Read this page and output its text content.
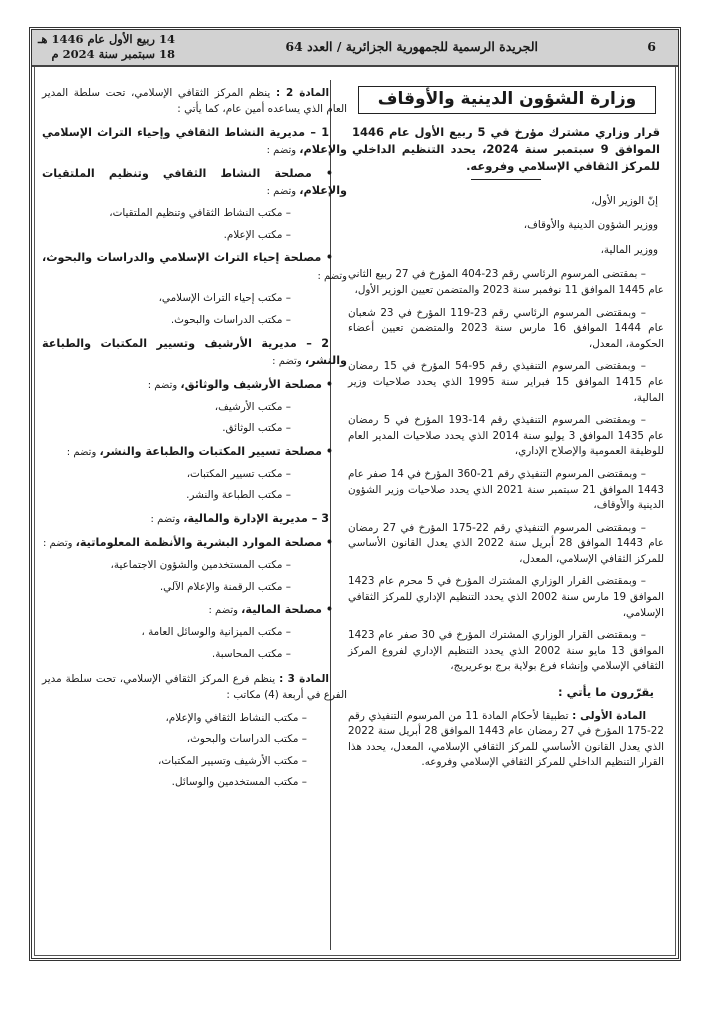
6
الجريدة الرسمية للجمهورية الجزائرية / العدد 64
14 ربيع الأول عام 1446 هـ
18 سبتمبر سنة 2024 م
وزارة الشؤون الدينية والأوقاف
قرار وزاري مشترك مؤرخ في 5 ربيع الأول عام 1446 الموافق 9 سبتمبر سنة 2024، يحدد التنظيم الداخلي للمركز الثقافي الإسلامي وفروعه.

إنّ الوزير الأول،

ووزير الشؤون الدينية والأوقاف،

ووزير المالية،

– بمقتضى المرسوم الرئاسي رقم 23-404 المؤرخ في 27 ربيع الثاني عام 1445 الموافق 11 نوفمبر سنة 2023 والمتضمن تعيين الوزير الأول،

– وبمقتضى المرسوم الرئاسي رقم 23-119 المؤرخ في 23 شعبان عام 1444 الموافق 16 مارس سنة 2023 والمتضمن تعيين أعضاء الحكومة، المعدل،

– وبمقتضى المرسوم التنفيذي رقم 95-54 المؤرخ في 15 رمضان عام 1415 الموافق 15 فبراير سنة 1995 الذي يحدد صلاحيات وزير المالية،

– وبمقتضى المرسوم التنفيذي رقم 14-193 المؤرخ في 5 رمضان عام 1435 الموافق 3 يوليو سنة 2014 الذي يحدد صلاحيات المدير العام للوظيفة العمومية والإصلاح الإداري،

– وبمقتضى المرسوم التنفيذي رقم 21-360 المؤرخ في 14 صفر عام 1443 الموافق 21 سبتمبر سنة 2021 الذي يحدد صلاحيات وزير الشؤون الدينية والأوقاف،

– وبمقتضى المرسوم التنفيذي رقم 22-175 المؤرخ في 27 رمضان عام 1443 الموافق 28 أبريل سنة 2022 الذي يعدل القانون الأساسي للمركز الثقافي الإسلامي، المعدل،

– وبمقتضى القرار الوزاري المشترك المؤرخ في 5 محرم عام 1423 الموافق 19 مارس سنة 2002 الذي يحدد التنظيم الإداري للمركز الثقافي الإسلامي،

– وبمقتضى القرار الوزاري المشترك المؤرخ في 30 صفر عام 1423 الموافق 13 مايو سنة 2002 الذي يحدد التنظيم الإداري لفروع المركز الثقافي الإسلامي وإنشاء فرع بولاية برج بوعريريج،

يقرّرون ما يأتي :

المادة الأولى : تطبيقا لأحكام المادة 11 من المرسوم التنفيذي رقم 22-175 المؤرخ في 27 رمضان عام 1443 الموافق 28 أبريل سنة 2022 الذي يعدل القانون الأساسي للمركز الثقافي الإسلامي، المعدل، يحدد هذا القرار التنظيم الداخلي للمركز الثقافي الإسلامي وفروعه.

المادة 2 : ينظم المركز الثقافي الإسلامي، تحت سلطة المدير العام الذي يساعده أمين عام، كما يأتي :

1 – مديرية النشاط الثقافي وإحياء التراث الإسلامي والإعلام، وتضم :
• مصلحة النشاط الثقافي وتنظيم الملتقيات والإعلام، وتضم :

– مكتب النشاط الثقافي وتنظيم الملتقيات،

– مكتب الإعلام.

• مصلحة إحياء التراث الإسلامي والدراسات والبحوث، وتضم :

– مكتب إحياء التراث الإسلامي،

– مكتب الدراسات والبحوث.

2 – مديرية الأرشيف وتسيير المكتبات والطباعة والنشر، وتضم :
• مصلحة الأرشيف والوثائق، وتضم :

– مكتب الأرشيف،

– مكتب الوثائق.

• مصلحة تسيير المكتبات والطباعة والنشر، وتضم :

– مكتب تسيير المكتبات،

– مكتب الطباعة والنشر.

3 – مديرية الإدارة والمالية، وتضم :
• مصلحة الموارد البشرية والأنظمة المعلوماتية، وتضم :

– مكتب المستخدمين والشؤون الاجتماعية،

– مكتب الرقمنة والإعلام الآلي.

• مصلحة المالية، وتضم :

– مكتب الميزانية والوسائل العامة ،

– مكتب المحاسبة.

المادة 3 : ينظم فرع المركز الثقافي الإسلامي، تحت سلطة مدير الفرع في أربعة (4) مكاتب :

– مكتب النشاط الثقافي والإعلام،

– مكتب الدراسات والبحوث،

– مكتب الأرشيف وتسيير المكتبات،

– مكتب المستخدمين والوسائل.
